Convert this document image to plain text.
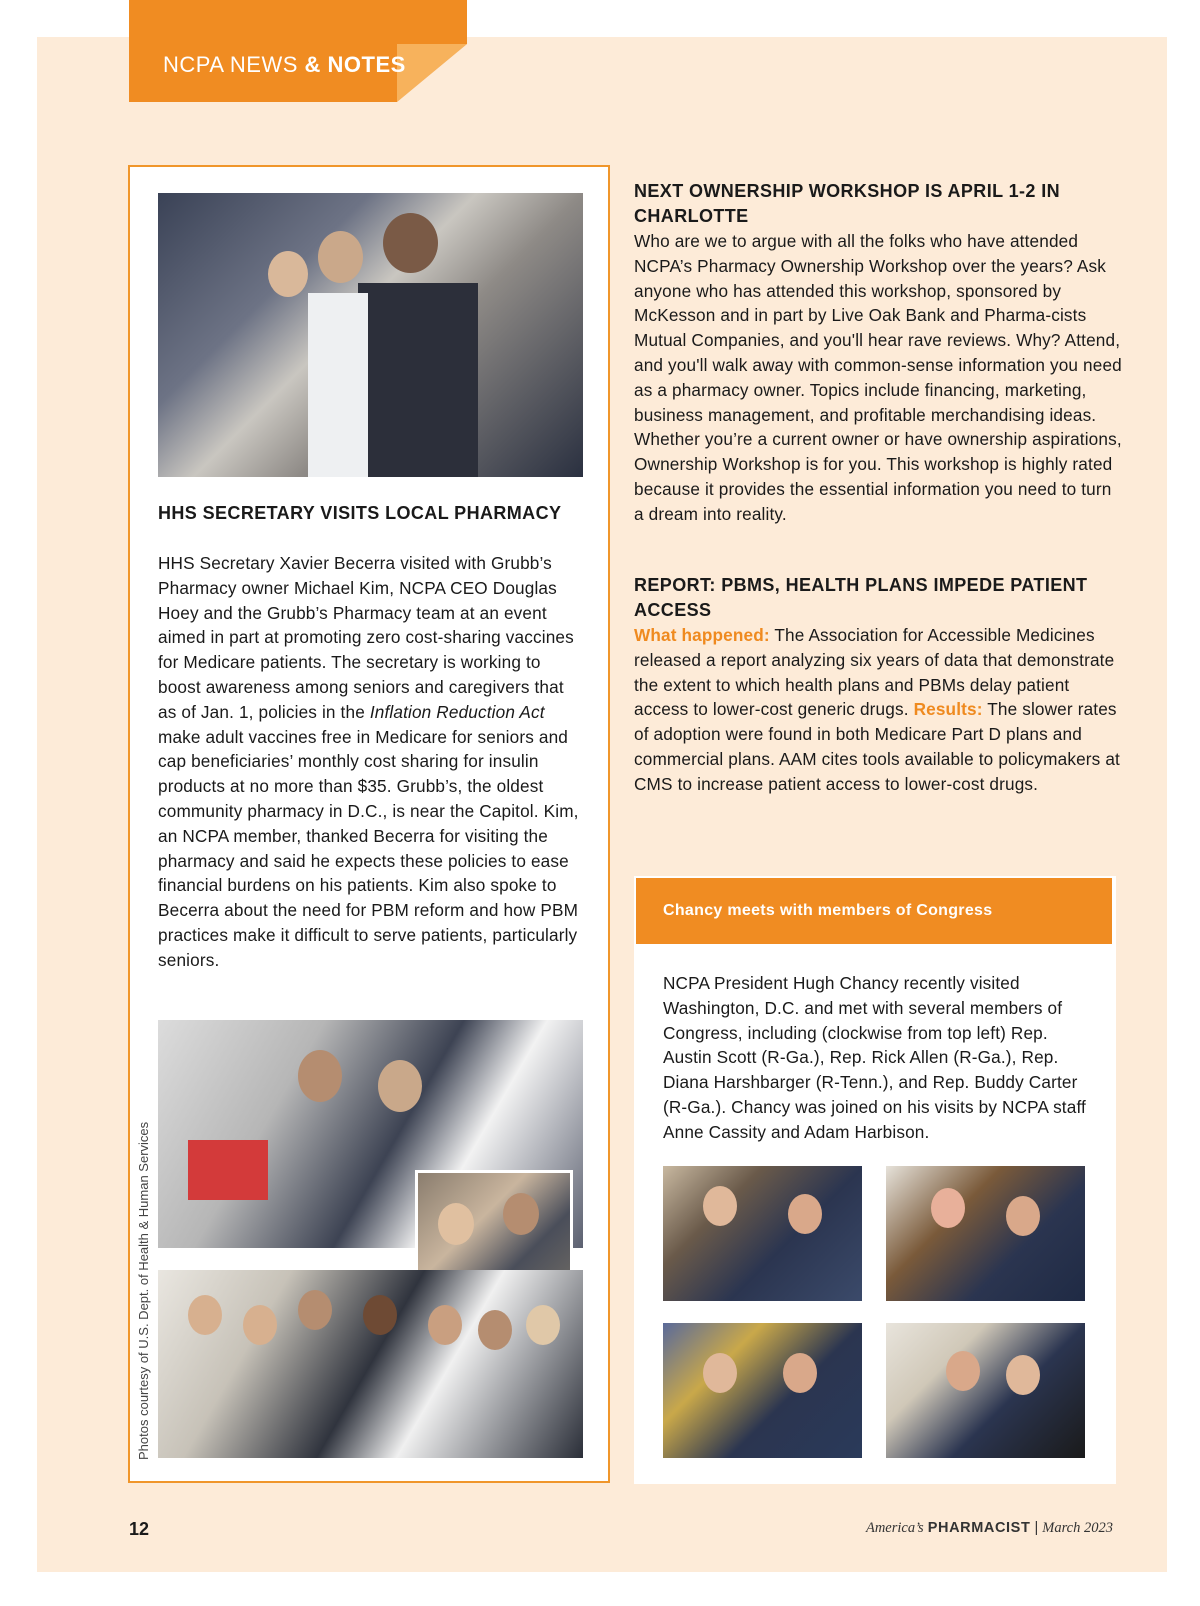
NCPA NEWS & NOTES
HHS SECRETARY VISITS LOCAL PHARMACY
HHS Secretary Xavier Becerra visited with Grubb’s Pharmacy owner Michael Kim, NCPA CEO Douglas Hoey and the Grubb’s Pharmacy team at an event aimed in part at promoting zero cost-sharing vaccines for Medicare patients. The secretary is working to boost awareness among seniors and caregivers that as of Jan. 1, policies in the Inflation Reduction Act make adult vaccines free in Medicare for seniors and cap beneficiaries’ monthly cost sharing for insulin products at no more than $35. Grubb’s, the oldest community pharmacy in D.C., is near the Capitol. Kim, an NCPA member, thanked Becerra for visiting the pharmacy and said he expects these policies to ease financial burdens on his patients. Kim also spoke to Becerra about the need for PBM reform and how PBM practices make it difficult to serve patients, particularly seniors.
Photos courtesy of U.S. Dept. of Health & Human Services
NEXT OWNERSHIP WORKSHOP IS APRIL 1-2 IN CHARLOTTE
Who are we to argue with all the folks who have attended NCPA’s Pharmacy Ownership Workshop over the years? Ask anyone who has attended this workshop, sponsored by McKesson and in part by Live Oak Bank and Pharma-cists Mutual Companies, and you'll hear rave reviews. Why? Attend, and you'll walk away with common-sense information you need as a pharmacy owner. Topics include financing, marketing, business management, and profitable merchandising ideas. Whether you’re a current owner or have ownership aspirations, Ownership Workshop is for you. This workshop is highly rated because it provides the essential information you need to turn a dream into reality.
REPORT: PBMS, HEALTH PLANS IMPEDE PATIENT ACCESS
What happened: The Association for Accessible Medicines released a report analyzing six years of data that demonstrate the extent to which health plans and PBMs delay patient access to lower-cost generic drugs. Results: The slower rates of adoption were found in both Medicare Part D plans and commercial plans. AAM cites tools available to policymakers at CMS to increase patient access to lower-cost drugs.
Chancy meets with members of Congress
NCPA President Hugh Chancy recently visited Washington, D.C. and met with several members of Congress, including (clockwise from top left) Rep. Austin Scott (R-Ga.), Rep. Rick Allen (R-Ga.), Rep. Diana Harshbarger (R-Tenn.), and Rep. Buddy Carter (R-Ga.). Chancy was joined on his visits by NCPA staff Anne Cassity and Adam Harbison.
12	America’s PHARMACIST | March 2023
